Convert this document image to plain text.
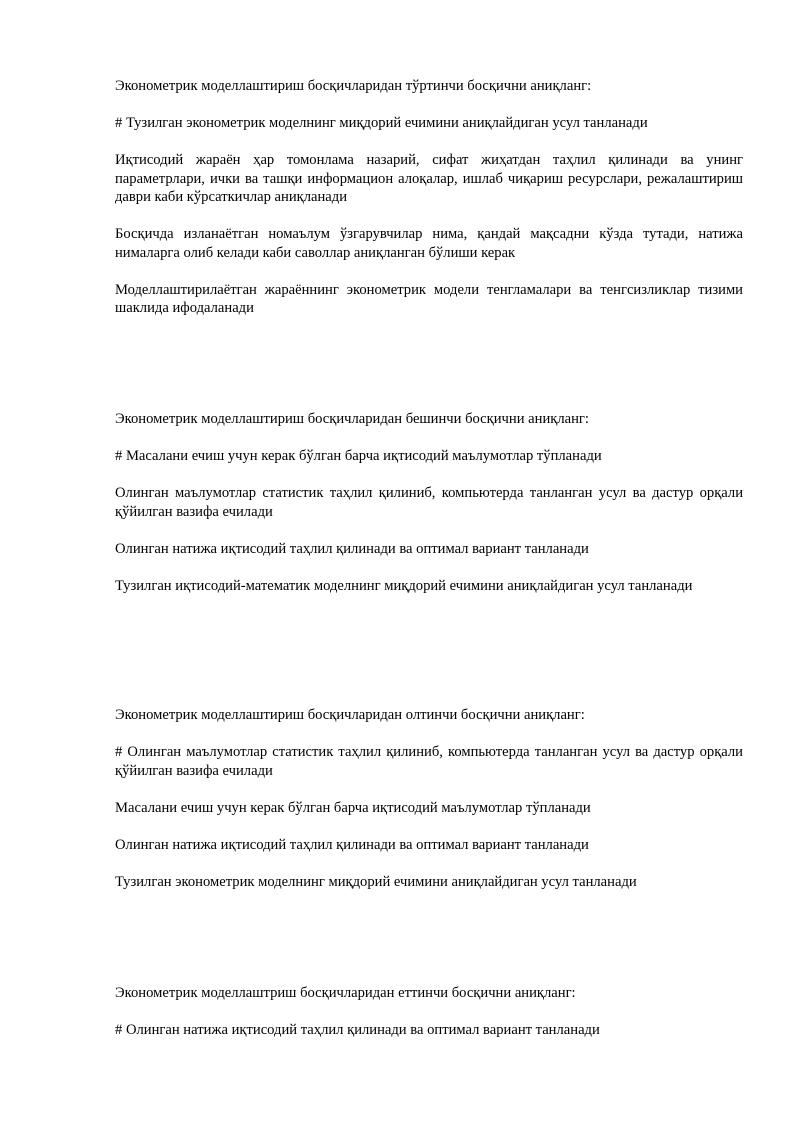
Эконометрик моделлаштириш босқичларидан тўртинчи босқични аниқланг:

# Тузилган эконометрик моделнинг миқдорий ечимини аниқлайдиган усул танланади

Иқтисодий жараён ҳар томонлама назарий, сифат жиҳатдан таҳлил қилинади ва унинг параметрлари, ички ва ташқи информацион алоқалар, ишлаб чиқариш ресурслари, режалаштириш даври каби кўрсаткичлар аниқланади

Босқичда изланаётган номаълум ўзгарувчилар нима, қандай мақсадни кўзда тутади, натижа нималарга олиб келади каби саволлар аниқланган бўлиши керак

Моделлаштирилаётган жараённинг эконометрик модели тенгламалари ва тенгсизликлар тизими шаклида ифодаланади

Эконометрик моделлаштириш босқичларидан бешинчи босқични аниқланг:

# Масалани ечиш учун керак бўлган барча иқтисодий маълумотлар тўпланади

Олинган маълумотлар статистик таҳлил қилиниб, компьютерда танланган усул ва дастур орқали қўйилган вазифа ечилади

Олинган натижа иқтисодий таҳлил қилинади ва оптимал вариант танланади

Тузилган иқтисодий-математик моделнинг миқдорий ечимини аниқлайдиган усул танланади

Эконометрик моделлаштириш босқичларидан олтинчи босқични аниқланг:

# Олинган маълумотлар статистик таҳлил қилиниб, компьютерда танланган усул ва дастур орқали қўйилган вазифа ечилади

Масалани ечиш учун керак бўлган барча иқтисодий маълумотлар тўпланади

Олинган натижа иқтисодий таҳлил қилинади ва оптимал вариант танланади

Тузилган эконометрик моделнинг миқдорий ечимини аниқлайдиган усул танланади

Эконометрик моделлаштриш босқичларидан еттинчи босқични аниқланг:

# Олинган натижа иқтисодий таҳлил қилинади ва оптимал вариант танланади
